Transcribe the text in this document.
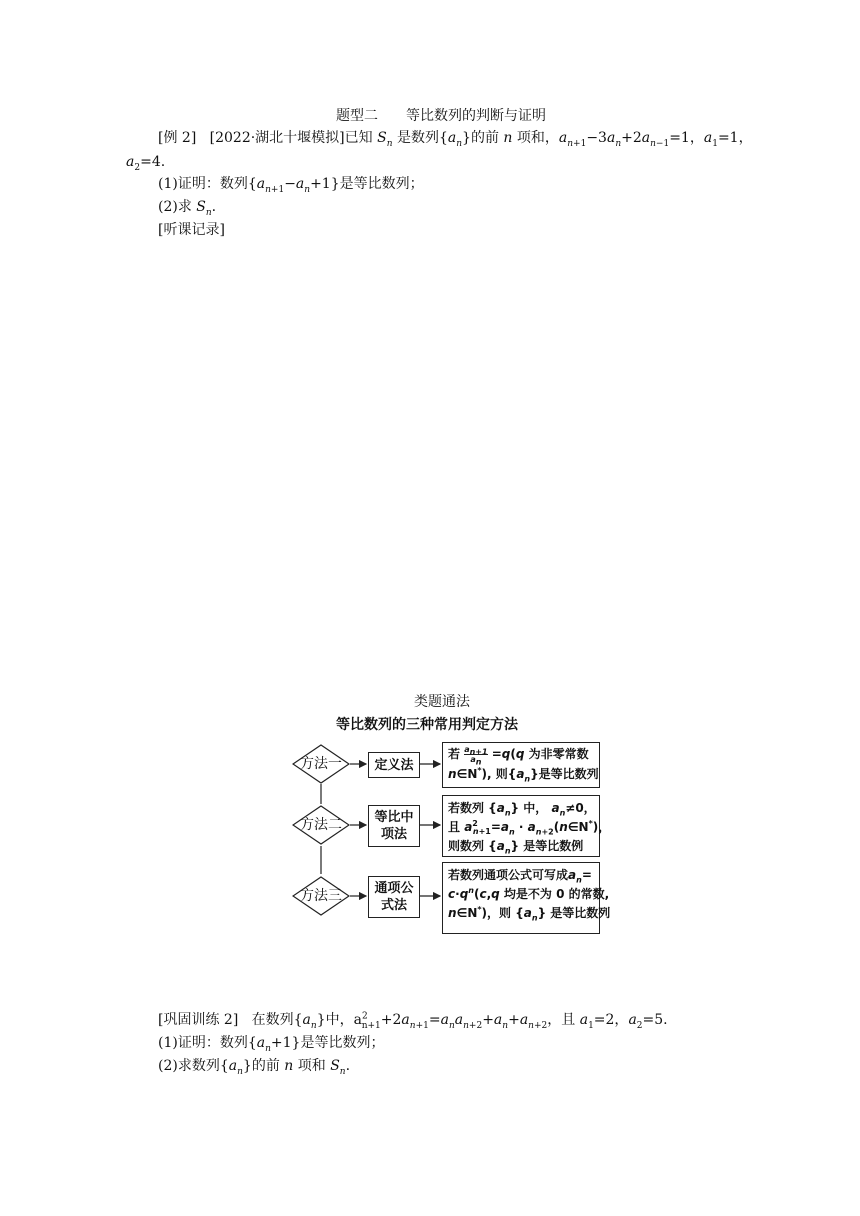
题型二　　等比数列的判断与证明
[例 2] [2022·湖北十堰模拟]已知 $S_n$ 是数列$\{a_n\}$的前 n 项和，$a_{n+1}-3a_n+2a_{n-1}=1$，$a_1=1$，
$a_2=4$.
(1)证明：数列$\{a_{n+1}-a_n+1\}$是等比数列；
(2)求 $S_n$.
[听课记录]
类题通法
等比数列的三种常用判定方法
方法一	定义法
若 $\frac{a_{n+1}}{a_n} =q(q$ 为非零常数
n∈N*), 则$\{a_n\}$是等比数列
方法二	等比中
项法
若数列 $\{a_n\}$ 中， $a_n\ne 0$，
且 $a^2_{n+1}=a_n$ · $a_{n+2}(n\in N^*)$，
则数列 $\{a_n\}$ 是等比数例
方法三	通项公
式法
若数列通项公式可写成$a_n=$
$c\cdot q^n(c,q$ 均是不为 0 的常数,
n∈N*)，则 $\{a_n\}$ 是等比数列
[巩固训练 2]   在数列$\{a_n\}$中，$a^2_{n+1}+2a_{n+1}=a_na_{n+2}+a_n+a_{n+2}$，且 $a_1=2$，$a_2=5$.
(1)证明：数列$\{a_n+1\}$是等比数列；
(2)求数列$\{a_n\}$的前 n 项和 $S_n$.
